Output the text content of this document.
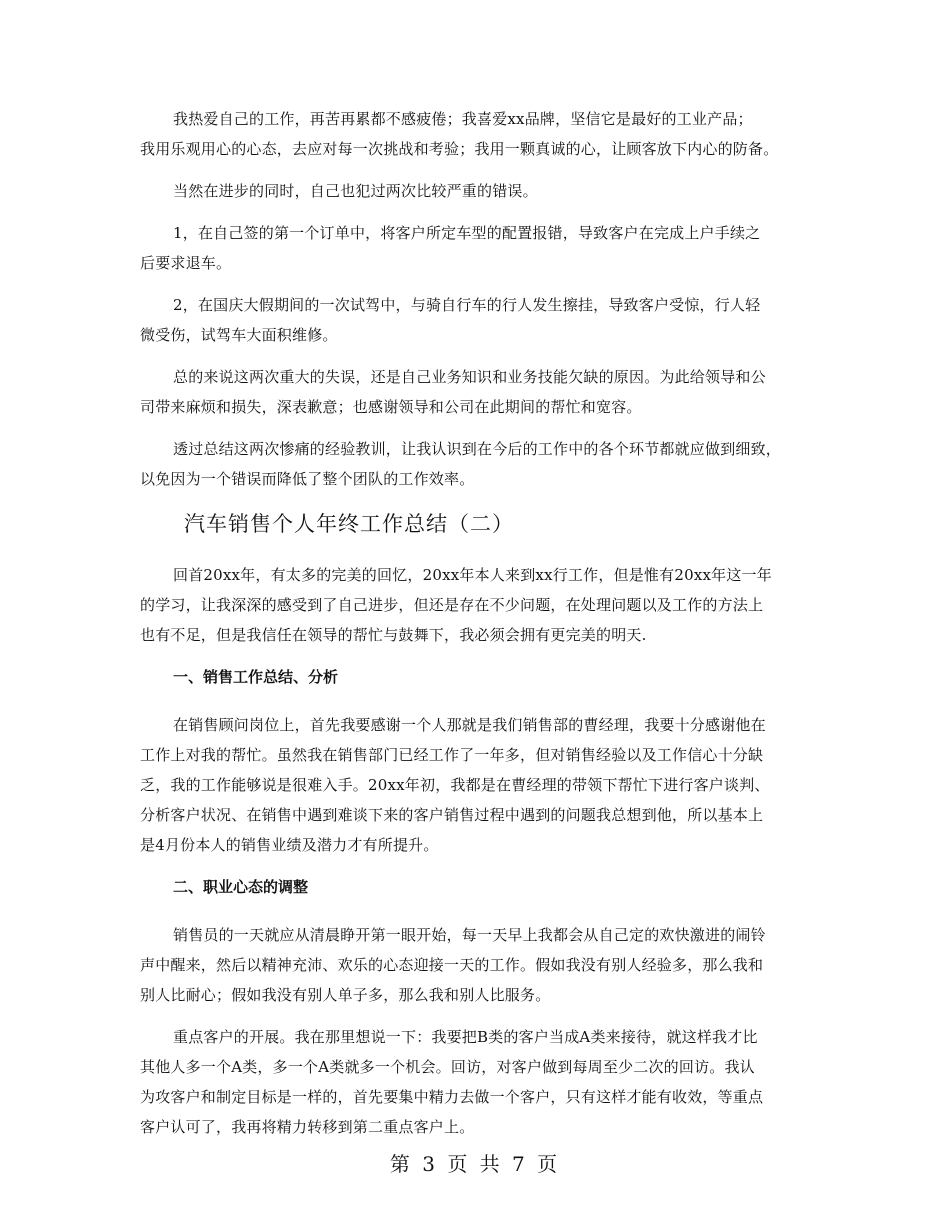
我热爱自己的工作，再苦再累都不感疲倦；我喜爱xx品牌，坚信它是最好的工业产品；
我用乐观用心的心态，去应对每一次挑战和考验；我用一颗真诚的心，让顾客放下内心的防备。

当然在进步的同时，自己也犯过两次比较严重的错误。

1，在自己签的第一个订单中，将客户所定车型的配置报错，导致客户在完成上户手续之
后要求退车。

2，在国庆大假期间的一次试驾中，与骑自行车的行人发生擦挂，导致客户受惊，行人轻
微受伤，试驾车大面积维修。

总的来说这两次重大的失误，还是自己业务知识和业务技能欠缺的原因。为此给领导和公
司带来麻烦和损失，深表歉意；也感谢领导和公司在此期间的帮忙和宽容。

透过总结这两次惨痛的经验教训，让我认识到在今后的工作中的各个环节都就应做到细致，
以免因为一个错误而降低了整个团队的工作效率。

汽车销售个人年终工作总结（二）

回首20xx年，有太多的完美的回忆，20xx年本人来到xx行工作，但是惟有20xx年这一年
的学习，让我深深的感受到了自己进步，但还是存在不少问题，在处理问题以及工作的方法上
也有不足，但是我信任在领导的帮忙与鼓舞下，我必须会拥有更完美的明天.

一、销售工作总结、分析

在销售顾问岗位上，首先我要感谢一个人那就是我们销售部的曹经理，我要十分感谢他在
工作上对我的帮忙。虽然我在销售部门已经工作了一年多，但对销售经验以及工作信心十分缺
乏，我的工作能够说是很难入手。20xx年初，我都是在曹经理的带领下帮忙下进行客户谈判、
分析客户状况、在销售中遇到难谈下来的客户销售过程中遇到的问题我总想到他，所以基本上
是4月份本人的销售业绩及潜力才有所提升。

二、职业心态的调整

销售员的一天就应从清晨睁开第一眼开始，每一天早上我都会从自己定的欢快激进的闹铃
声中醒来，然后以精神充沛、欢乐的心态迎接一天的工作。假如我没有别人经验多，那么我和
别人比耐心；假如我没有别人单子多，那么我和别人比服务。

重点客户的开展。我在那里想说一下：我要把B类的客户当成A类来接待，就这样我才比
其他人多一个A类，多一个A类就多一个机会。回访，对客户做到每周至少二次的回访。我认
为攻客户和制定目标是一样的，首先要集中精力去做一个客户，只有这样才能有收效，等重点
客户认可了，我再将精力转移到第二重点客户上。

第 3 页 共 7 页
